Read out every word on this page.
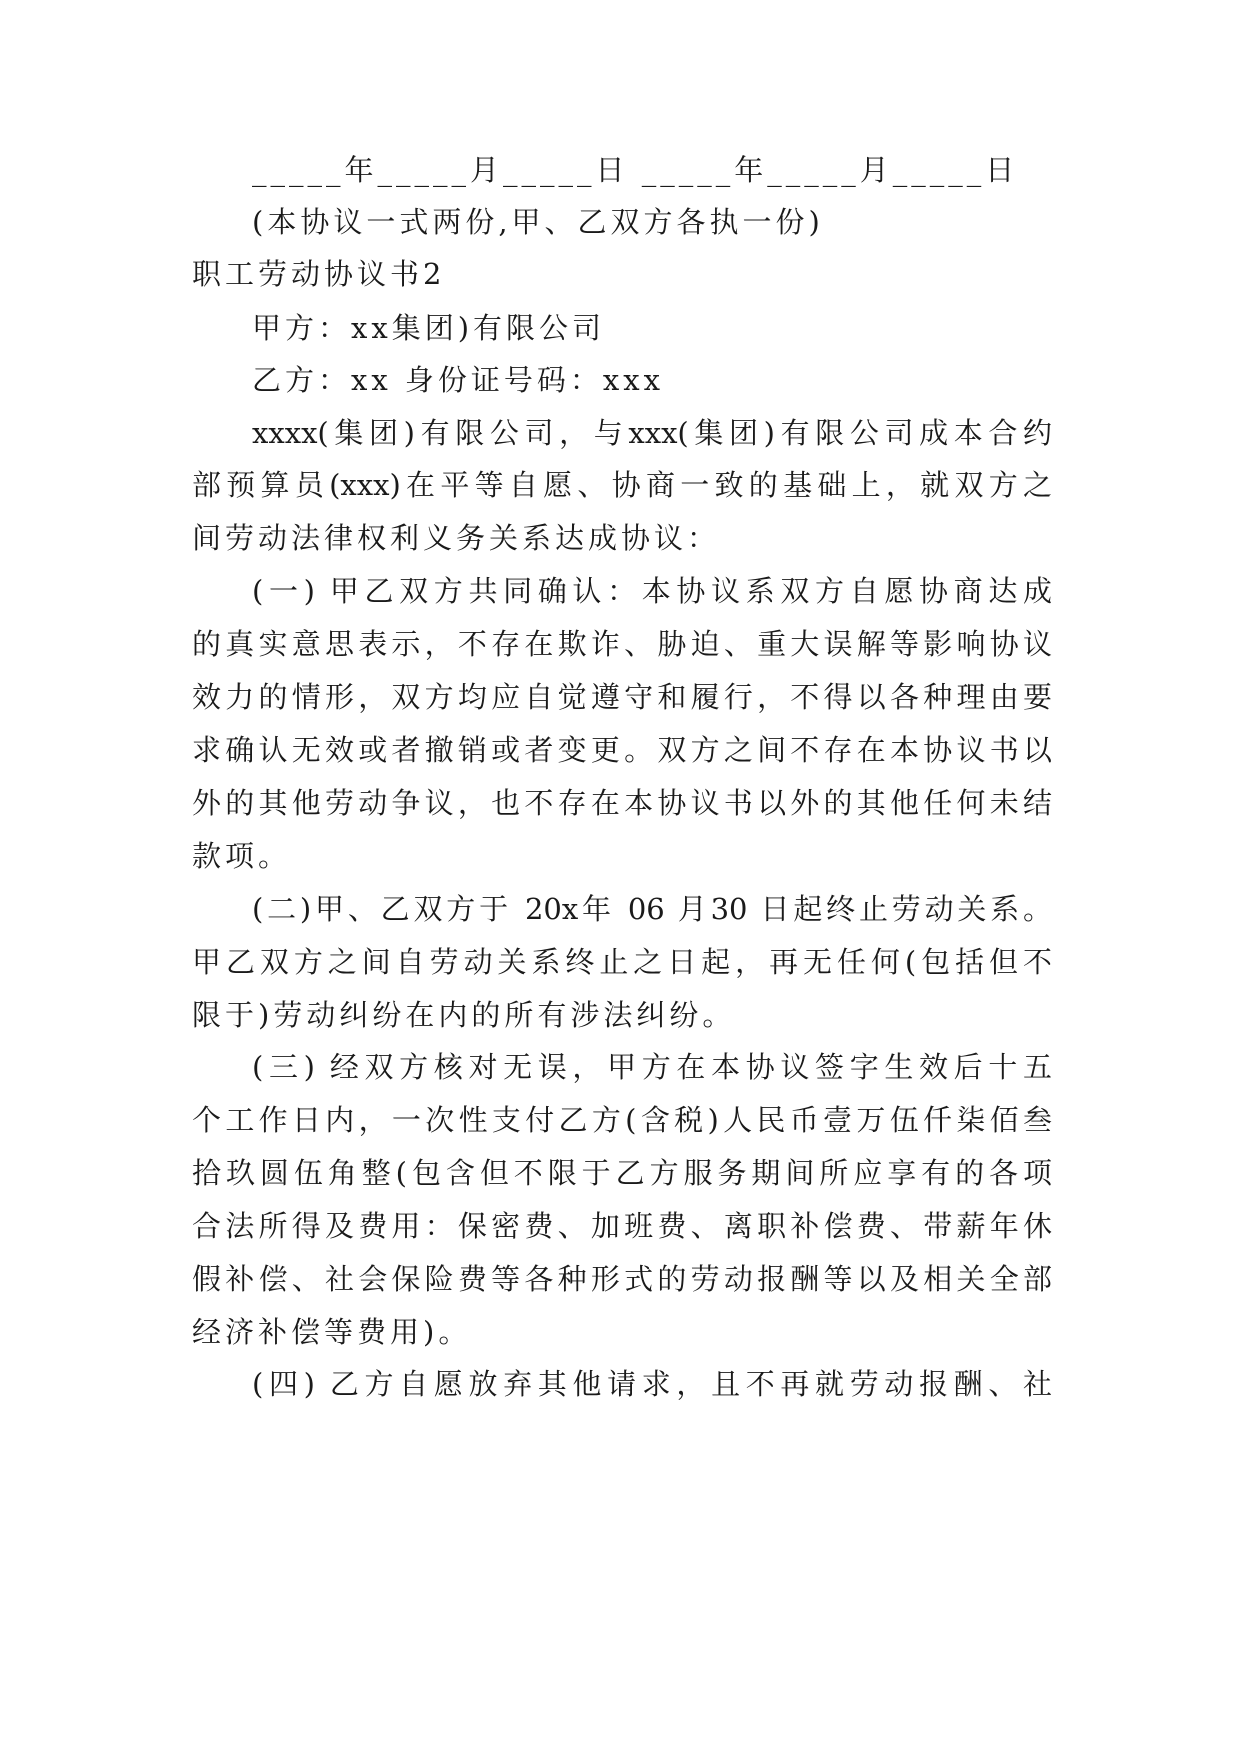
_____年_____月_____日 _____年_____月_____日
(本协议一式两份,甲、乙双方各执一份)
职工劳动协议书2
甲方：xx集团)有限公司
乙方：xx 身份证号码：xxx
xxxx(集团)有限公司，与xxx(集团)有限公司成本合约
部预算员(xxx)在平等自愿、协商一致的基础上，就双方之
间劳动法律权利义务关系达成协议：
(一) 甲乙双方共同确认：本协议系双方自愿协商达成
的真实意思表示，不存在欺诈、胁迫、重大误解等影响协议
效力的情形，双方均应自觉遵守和履行，不得以各种理由要
求确认无效或者撤销或者变更。双方之间不存在本协议书以
外的其他劳动争议，也不存在本协议书以外的其他任何未结
款项。
(二)甲、乙双方于 20x年 06 月30 日起终止劳动关系。
甲乙双方之间自劳动关系终止之日起，再无任何(包括但不
限于)劳动纠纷在内的所有涉法纠纷。
(三) 经双方核对无误，甲方在本协议签字生效后十五
个工作日内，一次性支付乙方(含税)人民币壹万伍仟柒佰叁
拾玖圆伍角整(包含但不限于乙方服务期间所应享有的各项
合法所得及费用：保密费、加班费、离职补偿费、带薪年休
假补偿、社会保险费等各种形式的劳动报酬等以及相关全部
经济补偿等费用)。
(四) 乙方自愿放弃其他请求，且不再就劳动报酬、社
